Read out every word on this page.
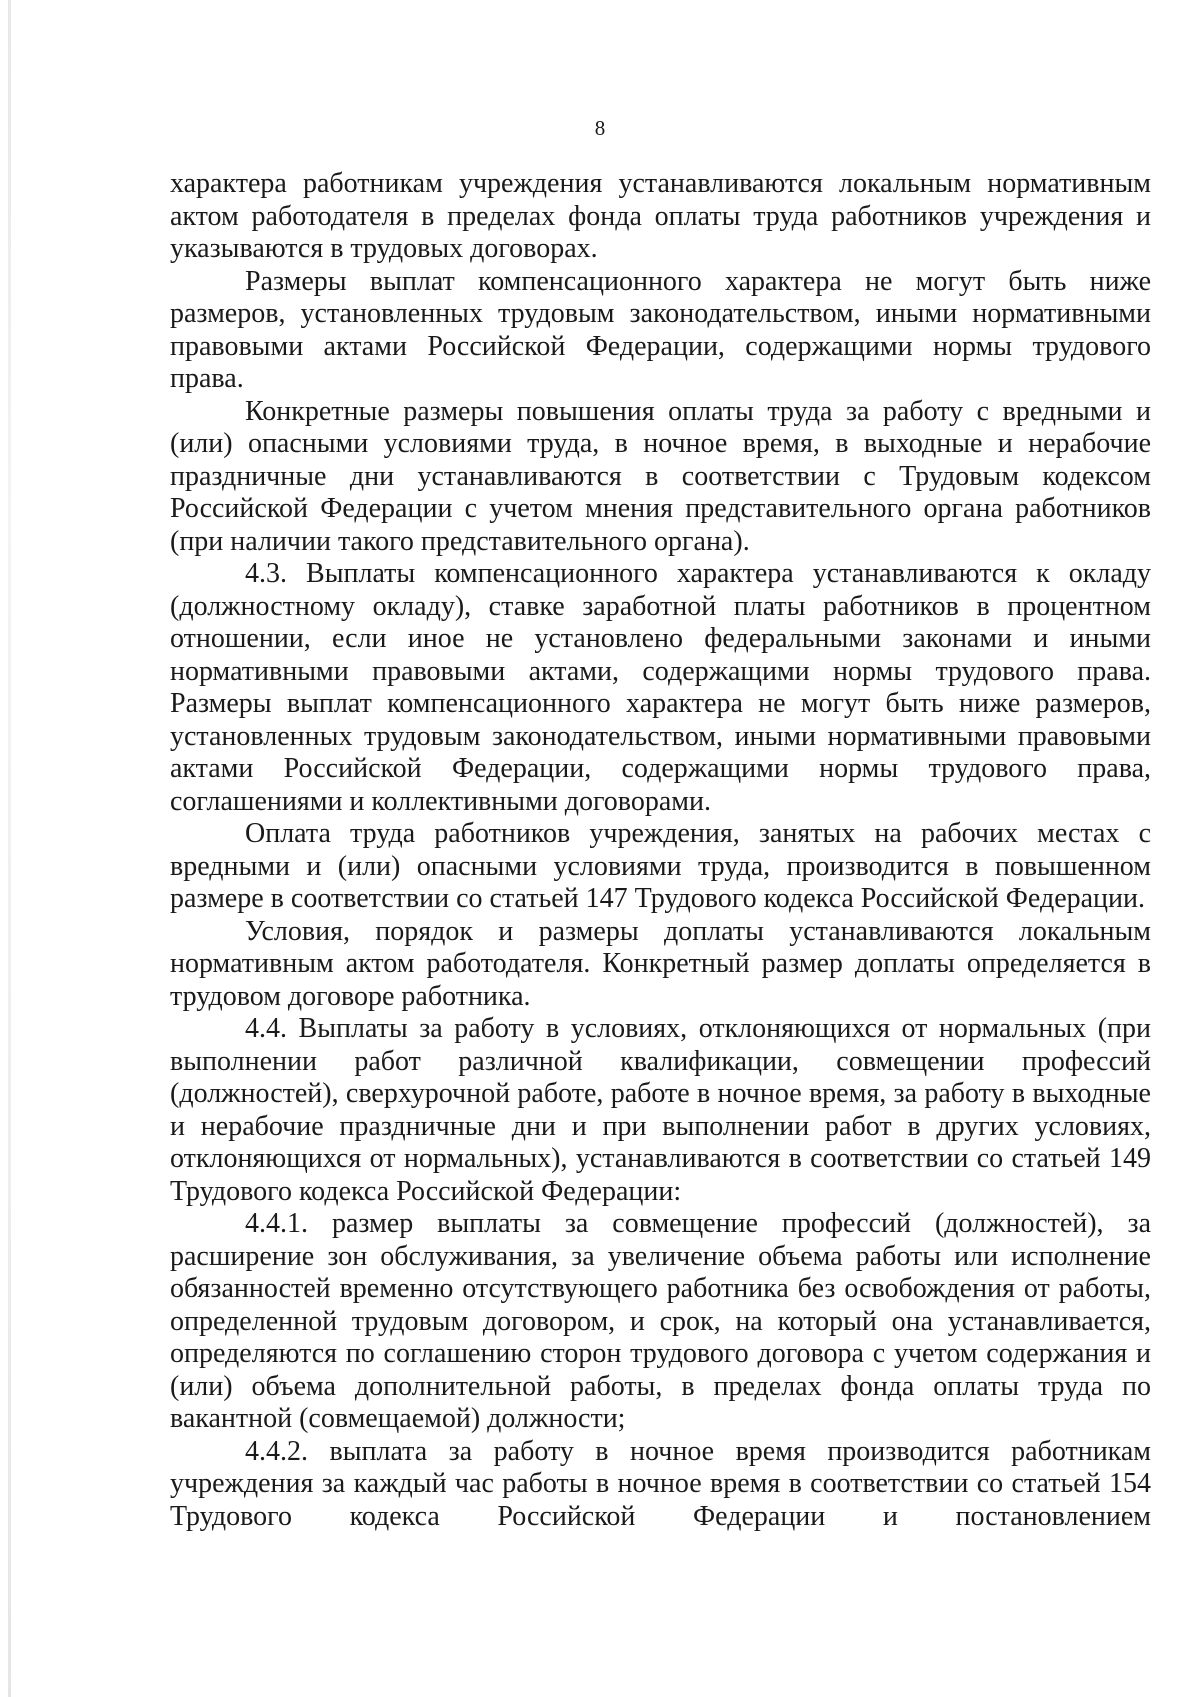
8

характера работникам учреждения устанавливаются локальным нормативным актом работодателя в пределах фонда оплаты труда работников учреждения и указываются в трудовых договорах.

Размеры выплат компенсационного характера не могут быть ниже размеров, установленных трудовым законодательством, иными нормативными правовыми актами Российской Федерации, содержащими нормы трудового права.

Конкретные размеры повышения оплаты труда за работу с вредными и (или) опасными условиями труда, в ночное время, в выходные и нерабочие праздничные дни устанавливаются в соответствии с Трудовым кодексом Российской Федерации с учетом мнения представительного органа работников (при наличии такого представительного органа).

4.3. Выплаты компенсационного характера устанавливаются к окладу (должностному окладу), ставке заработной платы работников в процентном отношении, если иное не установлено федеральными законами и иными нормативными правовыми актами, содержащими нормы трудового права. Размеры выплат компенсационного характера не могут быть ниже размеров, установленных трудовым законодательством, иными нормативными правовыми актами Российской Федерации, содержащими нормы трудового права, соглашениями и коллективными договорами.

Оплата труда работников учреждения, занятых на рабочих местах с вредными и (или) опасными условиями труда, производится в повышенном размере в соответствии со статьей 147 Трудового кодекса Российской Федерации.

Условия, порядок и размеры доплаты устанавливаются локальным нормативным актом работодателя. Конкретный размер доплаты определяется в трудовом договоре работника.

4.4. Выплаты за работу в условиях, отклоняющихся от нормальных (при выполнении работ различной квалификации, совмещении профессий (должностей), сверхурочной работе, работе в ночное время, за работу в выходные и нерабочие праздничные дни и при выполнении работ в других условиях, отклоняющихся от нормальных), устанавливаются в соответствии со статьей 149 Трудового кодекса Российской Федерации:

4.4.1. размер выплаты за совмещение профессий (должностей), за расширение зон обслуживания, за увеличение объема работы или исполнение обязанностей временно отсутствующего работника без освобождения от работы, определенной трудовым договором, и срок, на который она устанавливается, определяются по соглашению сторон трудового договора с учетом содержания и (или) объема дополнительной работы, в пределах фонда оплаты труда по вакантной (совмещаемой) должности;

4.4.2. выплата за работу в ночное время производится работникам учреждения за каждый час работы в ночное время в соответствии со статьей 154 Трудового кодекса Российской Федерации и постановлением
